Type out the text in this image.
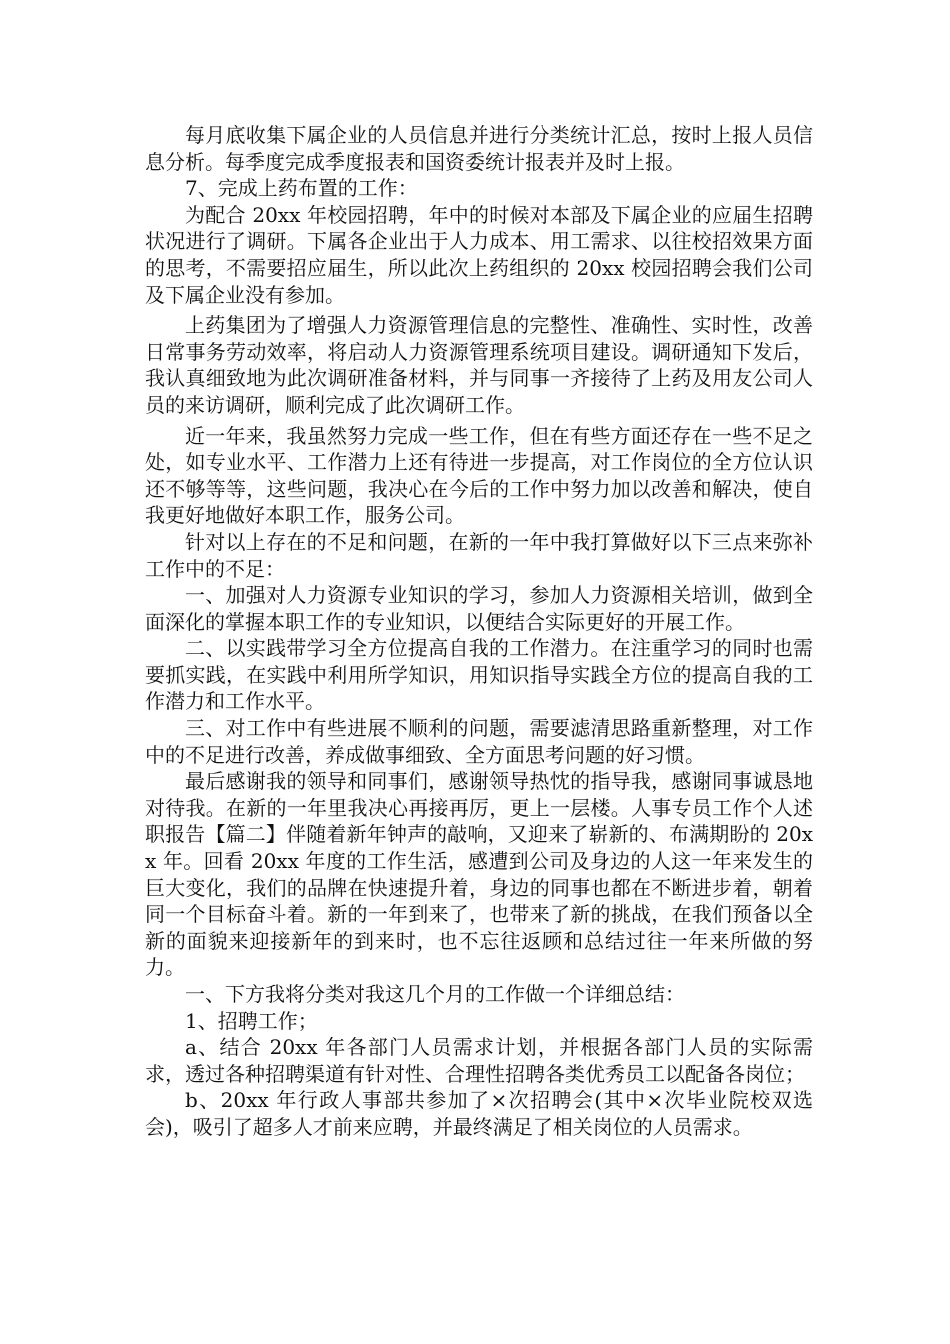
每月底收集下属企业的人员信息并进行分类统计汇总，按时上报人员信息分析。每季度完成季度报表和国资委统计报表并及时上报。

7、完成上药布置的工作：

为配合 20xx 年校园招聘，年中的时候对本部及下属企业的应届生招聘状况进行了调研。下属各企业出于人力成本、用工需求、以往校招效果方面的思考，不需要招应届生，所以此次上药组织的 20xx 校园招聘会我们公司及下属企业没有参加。

上药集团为了增强人力资源管理信息的完整性、准确性、实时性，改善日常事务劳动效率，将启动人力资源管理系统项目建设。调研通知下发后，我认真细致地为此次调研准备材料，并与同事一齐接待了上药及用友公司人员的来访调研，顺利完成了此次调研工作。

近一年来，我虽然努力完成一些工作，但在有些方面还存在一些不足之处，如专业水平、工作潜力上还有待进一步提高，对工作岗位的全方位认识还不够等等，这些问题，我决心在今后的工作中努力加以改善和解决，使自我更好地做好本职工作，服务公司。

针对以上存在的不足和问题，在新的一年中我打算做好以下三点来弥补工作中的不足：

一、加强对人力资源专业知识的学习，参加人力资源相关培训，做到全面深化的掌握本职工作的专业知识，以便结合实际更好的开展工作。

二、以实践带学习全方位提高自我的工作潜力。在注重学习的同时也需要抓实践，在实践中利用所学知识，用知识指导实践全方位的提高自我的工作潜力和工作水平。

三、对工作中有些进展不顺利的问题，需要滤清思路重新整理，对工作中的不足进行改善，养成做事细致、全方面思考问题的好习惯。

最后感谢我的领导和同事们，感谢领导热忱的指导我，感谢同事诚恳地对待我。在新的一年里我决心再接再厉，更上一层楼。人事专员工作个人述职报告【篇二】伴随着新年钟声的敲响，又迎来了崭新的、布满期盼的 20xx 年。回看 20xx 年度的工作生活，感遭到公司及身边的人这一年来发生的巨大变化，我们的品牌在快速提升着，身边的同事也都在不断进步着，朝着同一个目标奋斗着。新的一年到来了，也带来了新的挑战，在我们预备以全新的面貌来迎接新年的到来时，也不忘往返顾和总结过往一年来所做的努力。

一、下方我将分类对我这几个月的工作做一个详细总结：

1、招聘工作；

a、结合 20xx 年各部门人员需求计划，并根据各部门人员的实际需求，透过各种招聘渠道有针对性、合理性招聘各类优秀员工以配备各岗位；

b、20xx 年行政人事部共参加了×次招聘会(其中×次毕业院校双选会)，吸引了超多人才前来应聘，并最终满足了相关岗位的人员需求。
